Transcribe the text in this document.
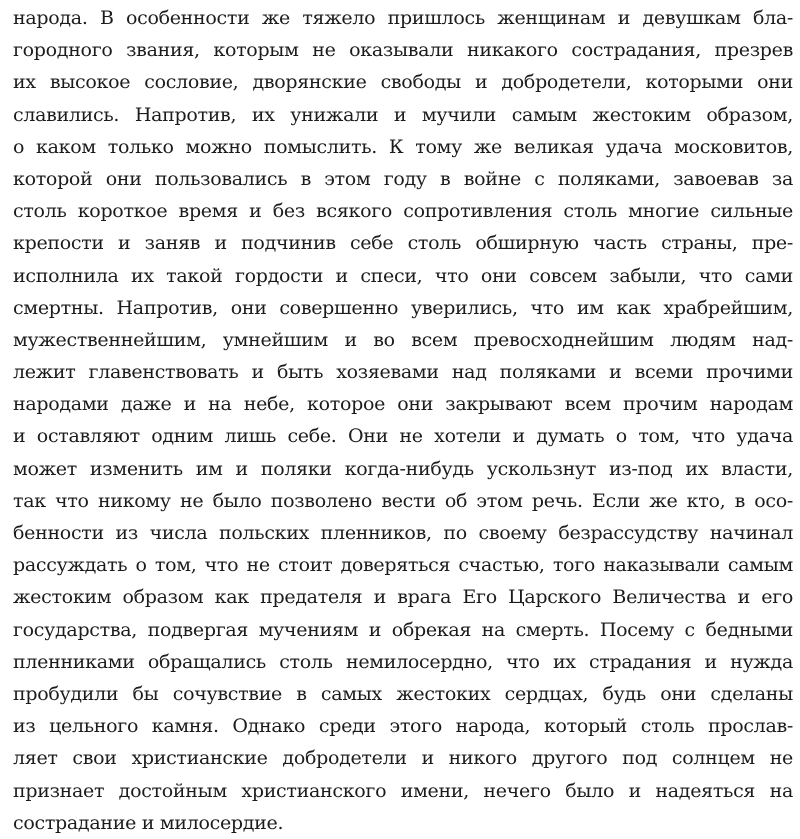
народа. В особенности же тяжело пришлось женщинам и девушкам бла-
городного звания, которым не оказывали никакого сострадания, презрев
их высокое сословие, дворянские свободы и добродетели, которыми они
славились. Напротив, их унижали и мучили самым жестоким образом,
о каком только можно помыслить. К тому же великая удача московитов,
которой они пользовались в этом году в войне с поляками, завоевав за
столь короткое время и без всякого сопротивления столь многие сильные
крепости и заняв и подчинив себе столь обширную часть страны, пре-
исполнила их такой гордости и спеси, что они совсем забыли, что сами
смертны. Напротив, они совершенно уверились, что им как храбрейшим,
мужественнейшим, умнейшим и во всем превосходнейшим людям над-
лежит главенствовать и быть хозяевами над поляками и всеми прочими
народами даже и на небе, которое они закрывают всем прочим народам
и оставляют одним лишь себе. Они не хотели и думать о том, что удача
может изменить им и поляки когда-нибудь ускользнут из-под их власти,
так что никому не было позволено вести об этом речь. Если же кто, в осо-
бенности из числа польских пленников, по своему безрассудству начинал
рассуждать о том, что не стоит доверяться счастью, того наказывали самым
жестоким образом как предателя и врага Его Царского Величества и его
государства, подвергая мучениям и обрекая на смерть. Посему с бедными
пленниками обращались столь немилосердно, что их страдания и нужда
пробудили бы сочувствие в самых жестоких сердцах, будь они сделаны
из цельного камня. Однако среди этого народа, который столь прослав-
ляет свои христианские добродетели и никого другого под солнцем не
признает достойным христианского имени, нечего было и надеяться на
сострадание и милосердие.
